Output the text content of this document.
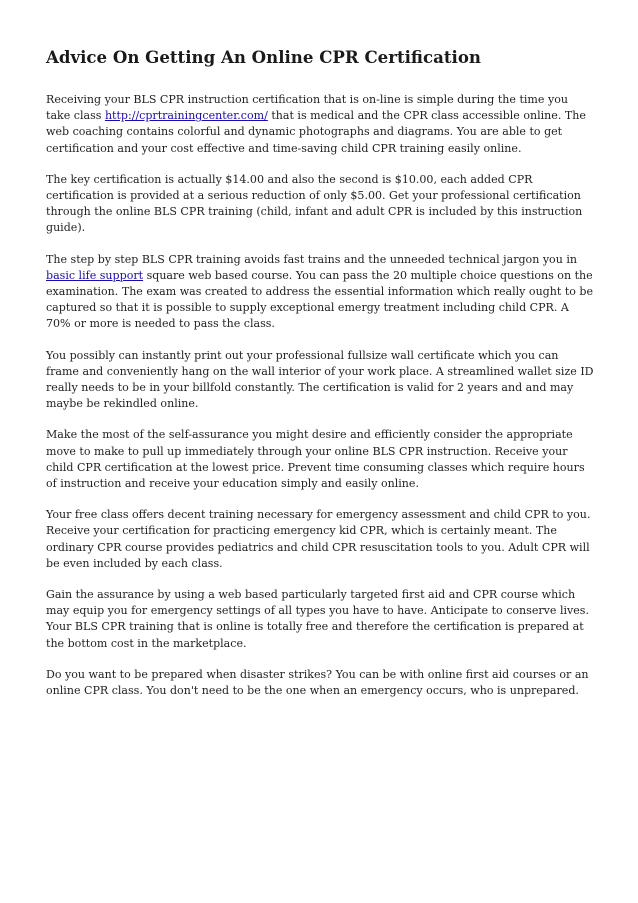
Advice On Getting An Online CPR Certification

Receiving your BLS CPR instruction certification that is on-line is simple during the time you take class http://cprtrainingcenter.com/ that is medical and the CPR class accessible online. The web coaching contains colorful and dynamic photographs and diagrams. You are able to get certification and your cost effective and time-saving child CPR training easily online.

The key certification is actually $14.00 and also the second is $10.00, each added CPR certification is provided at a serious reduction of only $5.00. Get your professional certification through the online BLS CPR training (child, infant and adult CPR is included by this instruction guide).

The step by step BLS CPR training avoids fast trains and the unneeded technical jargon you in basic life support square web based course. You can pass the 20 multiple choice questions on the examination. The exam was created to address the essential information which really ought to be captured so that it is possible to supply exceptional emergy treatment including child CPR. A 70% or more is needed to pass the class.

You possibly can instantly print out your professional fullsize wall certificate which you can frame and conveniently hang on the wall interior of your work place. A streamlined wallet size ID really needs to be in your billfold constantly. The certification is valid for 2 years and and may maybe be rekindled online.

Make the most of the self-assurance you might desire and efficiently consider the appropriate move to make to pull up immediately through your online BLS CPR instruction. Receive your child CPR certification at the lowest price. Prevent time consuming classes which require hours of instruction and receive your education simply and easily online.

Your free class offers decent training necessary for emergency assessment and child CPR to you. Receive your certification for practicing emergency kid CPR, which is certainly meant. The ordinary CPR course provides pediatrics and child CPR resuscitation tools to you. Adult CPR will be even included by each class.

Gain the assurance by using a web based particularly targeted first aid and CPR course which may equip you for emergency settings of all types you have to have. Anticipate to conserve lives. Your BLS CPR training that is online is totally free and therefore the certification is prepared at the bottom cost in the marketplace.

Do you want to be prepared when disaster strikes? You can be with online first aid courses or an online CPR class. You don't need to be the one when an emergency occurs, who is unprepared.
